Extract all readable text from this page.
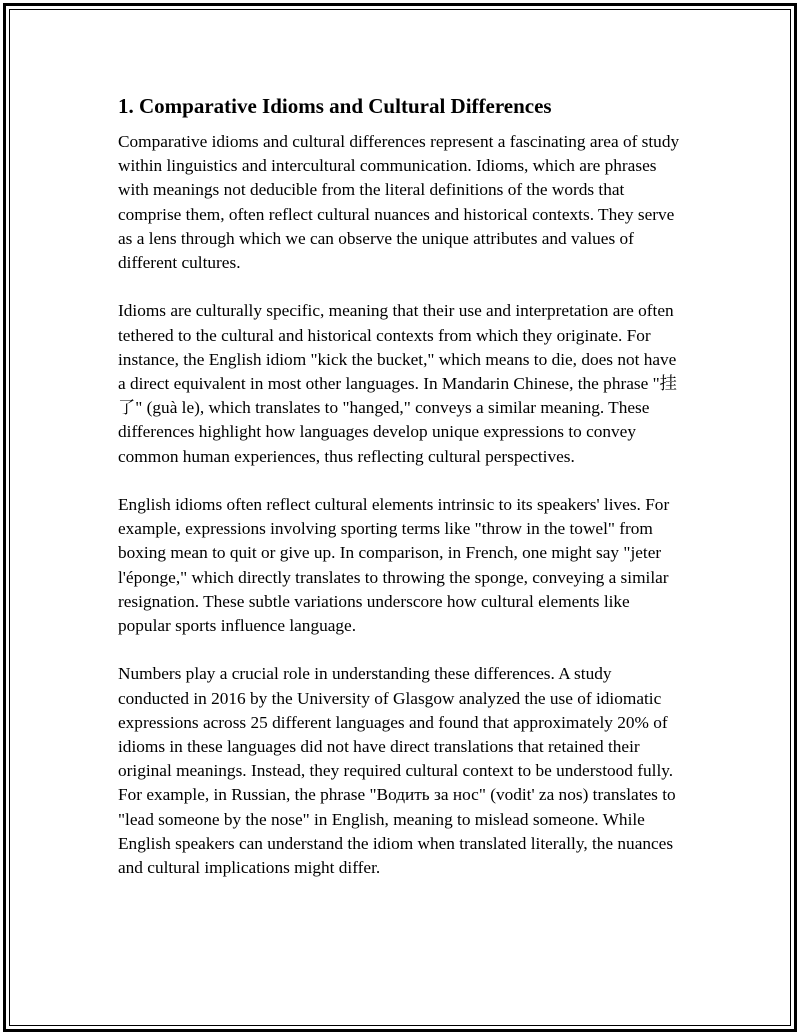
1. Comparative Idioms and Cultural Differences

Comparative idioms and cultural differences represent a fascinating area of study within linguistics and intercultural communication. Idioms, which are phrases with meanings not deducible from the literal definitions of the words that comprise them, often reflect cultural nuances and historical contexts. They serve as a lens through which we can observe the unique attributes and values of different cultures.

Idioms are culturally specific, meaning that their use and interpretation are often tethered to the cultural and historical contexts from which they originate. For instance, the English idiom "kick the bucket," which means to die, does not have a direct equivalent in most other languages. In Mandarin Chinese, the phrase "挂了" (guà le), which translates to "hanged," conveys a similar meaning. These differences highlight how languages develop unique expressions to convey common human experiences, thus reflecting cultural perspectives.

English idioms often reflect cultural elements intrinsic to its speakers' lives. For example, expressions involving sporting terms like "throw in the towel" from boxing mean to quit or give up. In comparison, in French, one might say "jeter l'éponge," which directly translates to throwing the sponge, conveying a similar resignation. These subtle variations underscore how cultural elements like popular sports influence language.

Numbers play a crucial role in understanding these differences. A study conducted in 2016 by the University of Glasgow analyzed the use of idiomatic expressions across 25 different languages and found that approximately 20% of idioms in these languages did not have direct translations that retained their original meanings. Instead, they required cultural context to be understood fully. For example, in Russian, the phrase "Водить за нос" (vodit' za nos) translates to "lead someone by the nose" in English, meaning to mislead someone. While English speakers can understand the idiom when translated literally, the nuances and cultural implications might differ.
